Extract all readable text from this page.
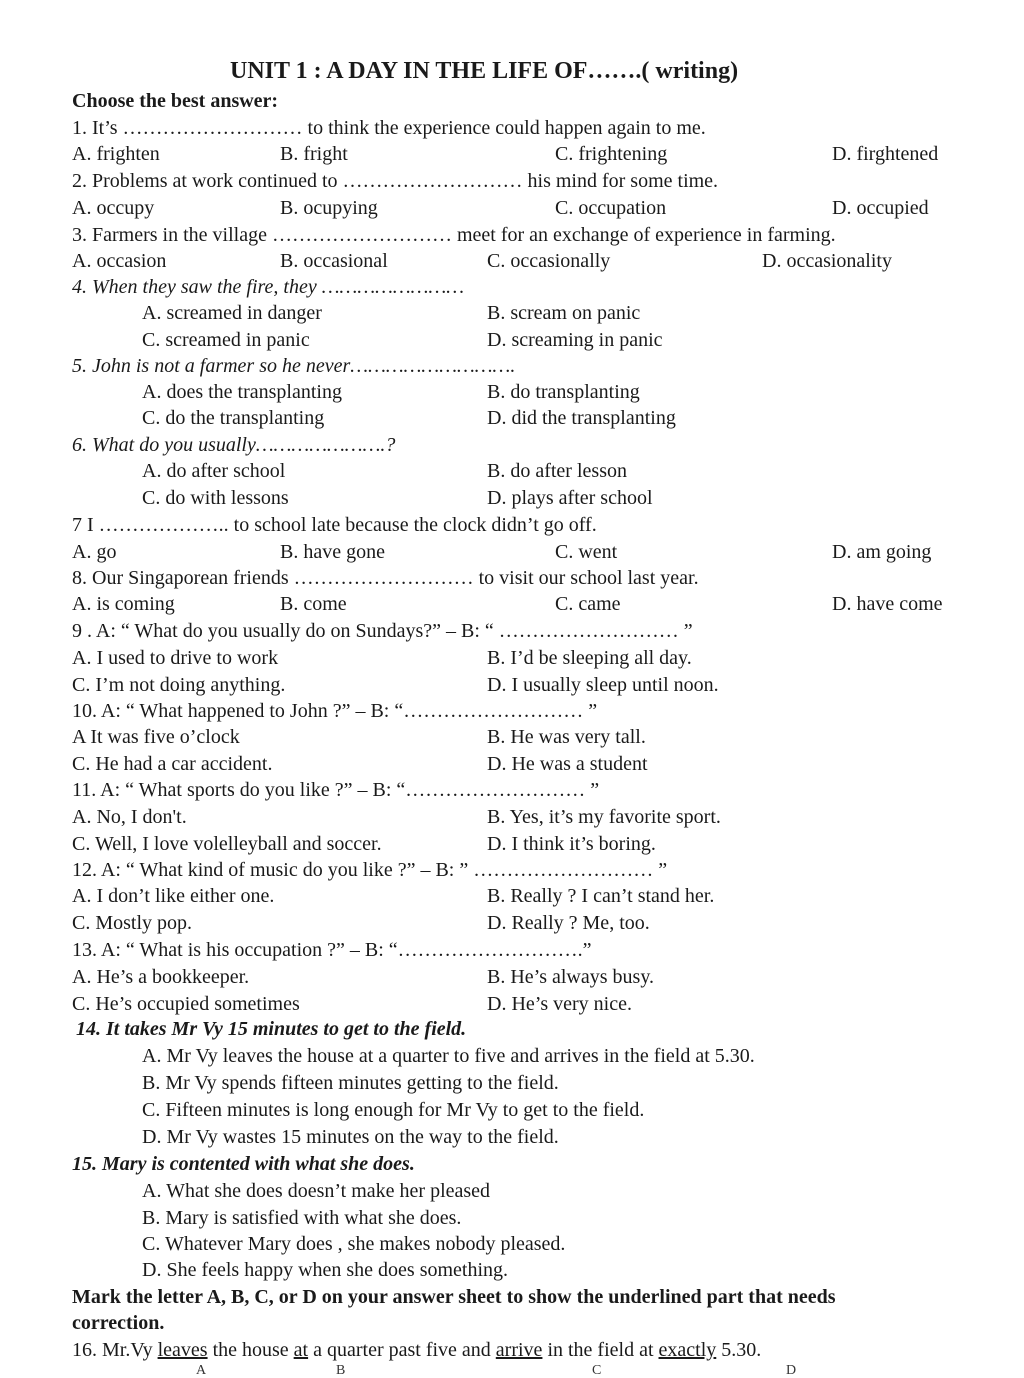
UNIT 1 : A DAY IN THE LIFE OF…….( writing)
Choose the best answer:
1. It’s ……………………… to think the experience could happen again to me.
A. frighten	B. fright	C. frightening	D. firghtened
2. Problems at work continued to ……………………… his mind for some time.
A. occupy	B. ocupying	C. occupation	D. occupied
3. Farmers in the village ……………………… meet for an exchange of experience in farming.
A. occasion	B. occasional	C. occasionally	D. occasionality
4. When they saw the fire, they ……………………
A. screamed in danger	B. scream on panic
C. screamed in panic	D. screaming in panic
5. John is not a farmer so he never……………………….
A. does the transplanting	B. do transplanting
C. do the transplanting	D. did the transplanting
6. What do you usually………………….?
A. do after school	B. do after lesson
C. do with lessons	D. plays after school
7 I ……………….. to school late because the clock didn’t go off.
A. go	B. have gone	C. went	D. am going
8. Our Singaporean friends ……………………… to visit our school last year.
A. is coming	B. come	C. came	D. have come
9 . A: “ What do you usually do on Sundays?” – B: “ ……………………… ”
A. I used to drive to work	B. I’d be sleeping all day.
C. I’m not doing anything.	D. I usually sleep until noon.
10. A: “ What happened to John ?” – B: “……………………… ”
A It was five o’clock	B. He was very tall.
C. He had a car accident.	D. He was a student
11. A: “ What sports do you like ?” – B: “……………………… ”
A. No, I don't.	B. Yes, it’s my favorite sport.
C. Well, I love volelleyball and soccer.	D. I think it’s boring.
12. A: “ What kind of music do you like ?” – B: ” ……………………… ”
A. I don’t like either one.	B. Really ? I can’t stand her.
C. Mostly pop.	D. Really ? Me, too.
13. A: “ What is his occupation ?” – B: “……………………….”
A. He’s a bookkeeper.	B. He’s always busy.
C. He’s occupied sometimes	D. He’s very nice.
14. It takes Mr Vy 15 minutes to get to the field.
A. Mr Vy leaves the house at a quarter to five and arrives in the field at 5.30.
B. Mr Vy spends fifteen minutes getting to the field.
C. Fifteen minutes is long enough for Mr Vy to get to the field.
D. Mr Vy wastes 15 minutes on the way to the field.
15. Mary is contented with what she does.
A. What she does doesn’t make her pleased
B. Mary is satisfied with what she does.
C. Whatever Mary does , she makes nobody pleased.
D. She feels happy when she does something.
Mark the letter A, B, C, or D on your answer sheet to show the underlined part that needs
correction.
16. Mr.Vy leaves the house at a quarter past five and arrive in the field at exactly 5.30.
A	B	C	D
